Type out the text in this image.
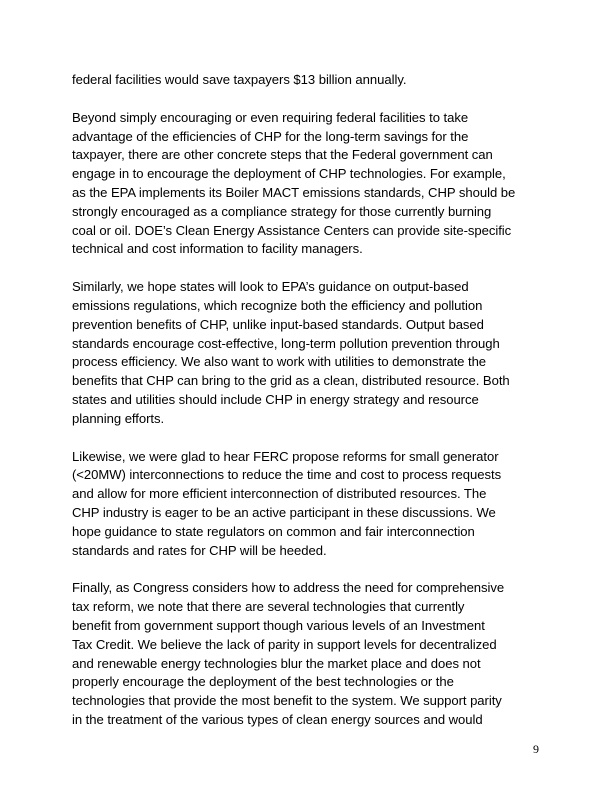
federal facilities would save taxpayers $13 billion annually.

Beyond simply encouraging or even requiring federal facilities to take
advantage of the efficiencies of CHP for the long-term savings for the
taxpayer, there are other concrete steps that the Federal government can
engage in to encourage the deployment of CHP technologies. For example,
as the EPA implements its Boiler MACT emissions standards, CHP should be
strongly encouraged as a compliance strategy for those currently burning
coal or oil. DOE’s Clean Energy Assistance Centers can provide site-specific
technical and cost information to facility managers.

Similarly, we hope states will look to EPA’s guidance on output-based
emissions regulations, which recognize both the efficiency and pollution
prevention benefits of CHP, unlike input-based standards. Output based
standards encourage cost-effective, long-term pollution prevention through
process efficiency. We also want to work with utilities to demonstrate the
benefits that CHP can bring to the grid as a clean, distributed resource. Both
states and utilities should include CHP in energy strategy and resource
planning efforts.

Likewise, we were glad to hear FERC propose reforms for small generator
(<20MW) interconnections to reduce the time and cost to process requests
and allow for more efficient interconnection of distributed resources. The
CHP industry is eager to be an active participant in these discussions. We
hope guidance to state regulators on common and fair interconnection
standards and rates for CHP will be heeded.

Finally, as Congress considers how to address the need for comprehensive
tax reform, we note that there are several technologies that currently
benefit from government support though various levels of an Investment
Tax Credit. We believe the lack of parity in support levels for decentralized
and renewable energy technologies blur the market place and does not
properly encourage the deployment of the best technologies or the
technologies that provide the most benefit to the system. We support parity
in the treatment of the various types of clean energy sources and would

9
